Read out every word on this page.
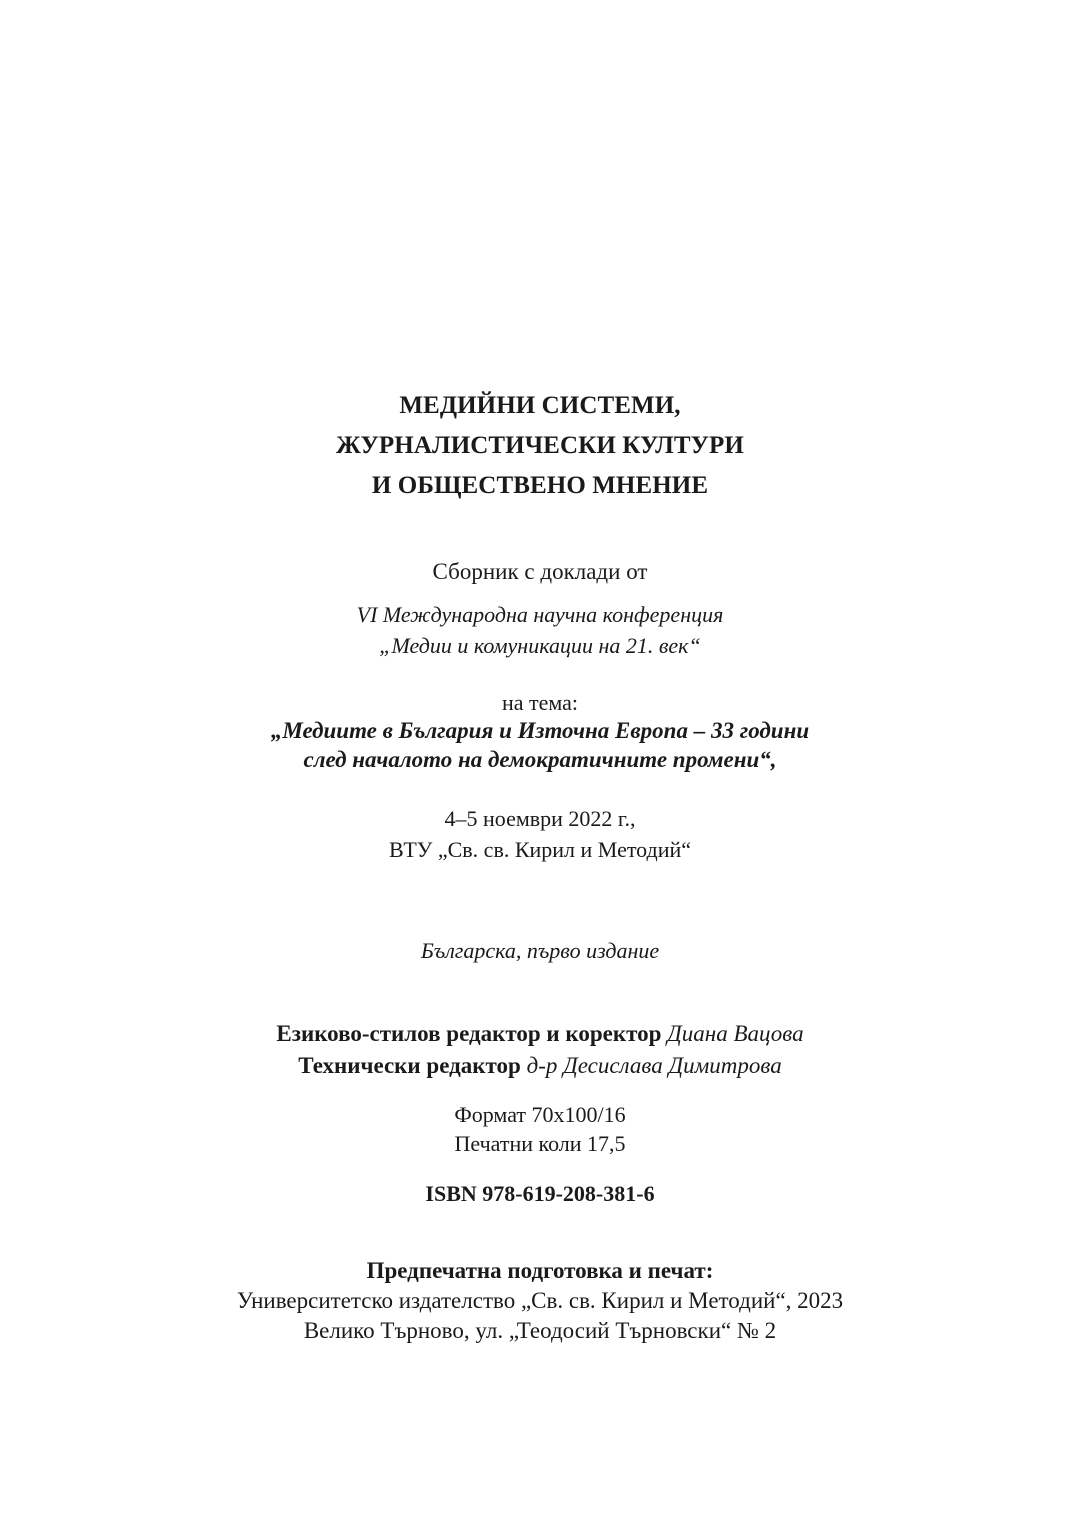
МЕДИЙНИ СИСТЕМИ,
ЖУРНАЛИСТИЧЕСКИ КУЛТУРИ
И ОБЩЕСТВЕНО МНЕНИЕ
Сборник с доклади от
VI Международна научна конференция
„Медии и комуникации на 21. век“
на тема:
„Медиите в България и Източна Европа – 33 години
след началото на демократичните промени“,
4–5 ноември 2022 г.,
ВТУ „Св. св. Кирил и Методий“
Българска, първо издание
Езиково-стилов редактор и коректор Диана Вацова
Технически редактор д-р Десислава Димитрова
Формат 70х100/16
Печатни коли 17,5
ISBN 978-619-208-381-6
Предпечатна подготовка и печат:
Университетско издателство „Св. св. Кирил и Методий“, 2023
Велико Търново, ул. „Теодосий Търновски“ № 2
